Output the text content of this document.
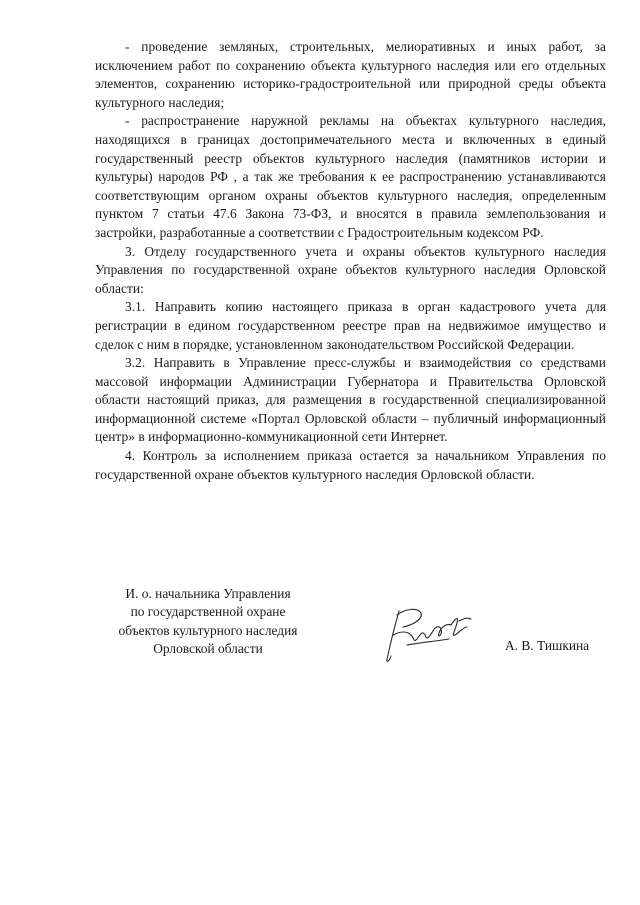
- проведение земляных, строительных, мелиоративных и иных работ, за исключением работ по сохранению объекта культурного наследия или его отдельных элементов, сохранению историко-градостроительной или природной среды объекта культурного наследия;

- распространение наружной рекламы на объектах культурного наследия, находящихся в границах достопримечательного места и включенных в единый государственный реестр объектов культурного наследия (памятников истории и культуры) народов РФ , а так же требования к ее распространению устанавливаются соответствующим органом охраны объектов культурного наследия, определенным пунктом 7 статьи 47.6 Закона 73-ФЗ, и вносятся в правила землепользования и застройки, разработанные а соответствии с Градостроительным кодексом РФ.

3. Отделу государственного учета и охраны объектов культурного наследия Управления по государственной охране объектов культурного наследия Орловской области:

3.1. Направить копию настоящего приказа в орган кадастрового учета для регистрации в едином государственном реестре прав на недвижимое имущество и сделок с ним в порядке, установленном законодательством Российской Федерации.

3.2. Направить в Управление пресс-службы и взаимодействия со средствами массовой информации Администрации Губернатора и Правительства Орловской области настоящий приказ, для размещения в государственной специализированной информационной системе «Портал Орловской области – публичный информационный центр» в информационно-коммуникационной сети Интернет.

4. Контроль за исполнением приказа остается за начальником Управления по государственной охране объектов культурного наследия Орловской области.

И. о. начальника Управления
по государственной охране
объектов культурного наследия
Орловской области	А. В. Тишкина
